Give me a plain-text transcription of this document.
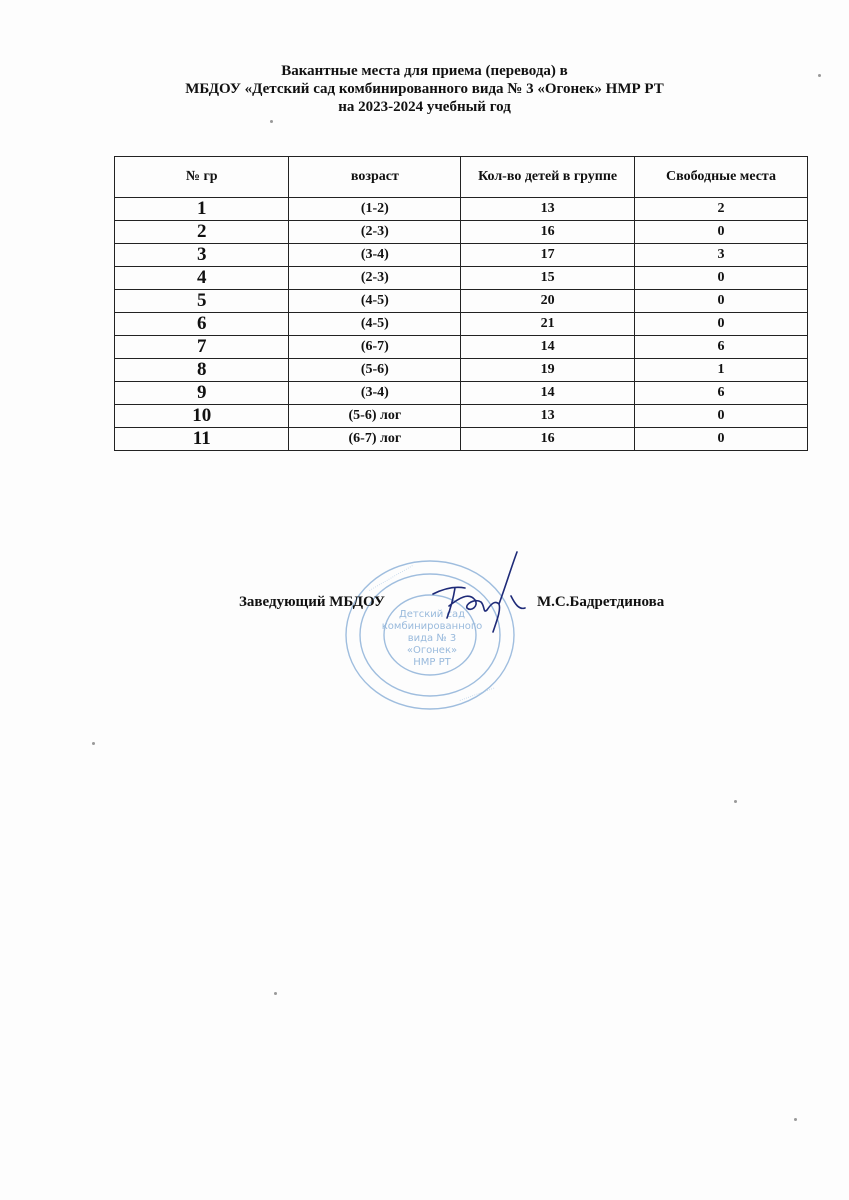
Вакантные места для приема (перевода) в
МБДОУ «Детский сад комбинированного вида № 3 «Огонек» НМР РТ
на 2023-2024 учебный год
№ гр	возраст	Кол-во детей в группе	Свободные места
1	(1-2)	13	2
2	(2-3)	16	0
3	(3-4)	17	3
4	(2-3)	15	0
5	(4-5)	20	0
6	(4-5)	21	0
7	(6-7)	14	6
8	(5-6)	19	1
9	(3-4)	14	6
10	(5-6) лог	13	0
11	(6-7) лог	16	0
Детский сад
комбинированного
вида № 3
«Огонек»
НМР РТ
·······················
·················
Заведующий МБДОУ	М.С.Бадретдинова
